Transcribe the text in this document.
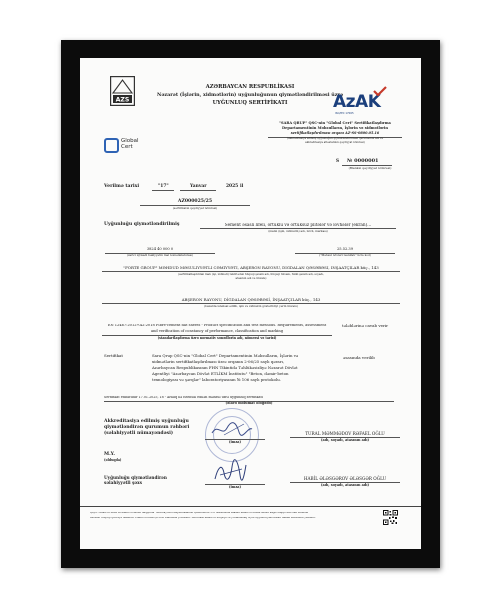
AZƏRBAYCAN RESPUBLİKASI
Nəzarət (İşlərin, xidmətlərin) uyğunluğunun qiymətləndirilməsi üzrə
UYĞUNLUQ SERTİFİKATI
AZS	AzAK
ISO/IEC 17065
Global
Cert
"SARA QRUP" QSC-nin "Global Cert" Sertifikatlaşdırma
Departamentinin Məhsulların, İşlərin və xidmətlərin
sertifikatlaşdırılması orqanı AZ-SS-0800.05.16
(Akkreditasiya edilmiş uyğunluğun qiymətləndirilməsi qurumunun adı və
akkreditasiya attestatının qeydiyyat nömrəsi)
S № 0000001
(Blankın qeydiyyat nömrəsi)
Verilmə tarixi	"17"	Yanvar	2025 il
AZ000025/25
(sertifikatın qeydiyyat nömrəsi)
Uyğunluğu qiymətləndirilmiş	Sement əsaslı lifeli, örtüklü və örtüksüz plitələr və lövhələr (ekran)...
(malın (işin, xidmətin) adı, növü, markası)
3824 40 000 0
(xarici iqtisadi fəaliyyətin mal nomenklaturası)
25.52.39
("Məhsul növləri təsnifatı" üzrə kod)
"FORTE GROUP" MƏHDUD MƏSULİYYƏTLİ CƏMİYYƏTİ, ABŞERON RAYONU, DİGDALAN QƏSƏBƏSİ, İNŞAATÇILAR küç., 143
(sertifikatlaşdırılan malı (işi, xidməti) təklif edən hüquqi şəxsin adı, hüquqi ünvanı, fiziki şəxsin adı, soyadı,
atasının adı və ünvanı)
ABŞERON RAYONU, DİGDALAN QƏSƏBƏSİ, İNŞAATÇILAR küç., 143
(bazarda istehsal edilib, işin və xidmətin göstərildiyi yerin ünvanı)
EN 12467:2012+A2:2018 Fibre-cement flat sheets - Product specification and test methods. Requirements, assessment
and verification of constancy of performance, classification and marking
(standartlaşdırma üzrə normativ sənədlərin adı, nömrəsi və tarixi)
tələblərinə cavab verir
Sertifikat	Sara Qrup QSC-nin "Global Cert" Departamentinin Məhsulların, İşlərin və
xidmətlərin sertifikatlaşdırılması üzrə orqanın 2-06/25 saylı qərarı,
Azərbaycan Respublikasının FHN Tikintidə Təhlükəsizliyə Nəzarət Dövlət
Agentliyi "Azərbaycan Dövlət ETLİKM İnstitutu" "Beton, dəmir-beton
texnologiyası və şərqlər" laboratoriyasının № 106 saylı protokolu.
əsasında verilib
Sertifikat etibarlıdır 17.01.2025, 18 - Aralıq ilə istehsal edilən məhsul üzrə uyğunluq sertifikatı
(əlavə məlumat oləğədə)
Akkreditasiya edilmiş uyğunluğu
qiymətləndirən qurumun rəhbəri
(səlahiyyətli nümayəndəsi)
(imza)
TURAL MƏMMƏDOV RƏFAEL OĞLU
(adı, soyadı, atasının adı)
M.Y.
(olduqda)
Uyğunluğu qiymətləndirən
səlahiyyətli şəxs
(imza)
HABİL ƏLƏSGƏROV ƏLƏSGƏR OĞLU
(adı, soyadı, atasının adı)
Qeyd: Elektron imza ve elektron sənəd haqqında" Azərbaycan Respublikasının Qanununun 5-ci maddəsinə əsasən elektron imzalı sənəd kağız daşıyıcıda olan sənədlə
bərabər hüquqi qüvvəyə malikdir. Elektron imza QR kod vasitəsilə yoxlanılır. Sertifikat elektron hüququ və yoxlanılmaq üçün uyğunluq sertifikatı bazası sisteminə yüklənir.
